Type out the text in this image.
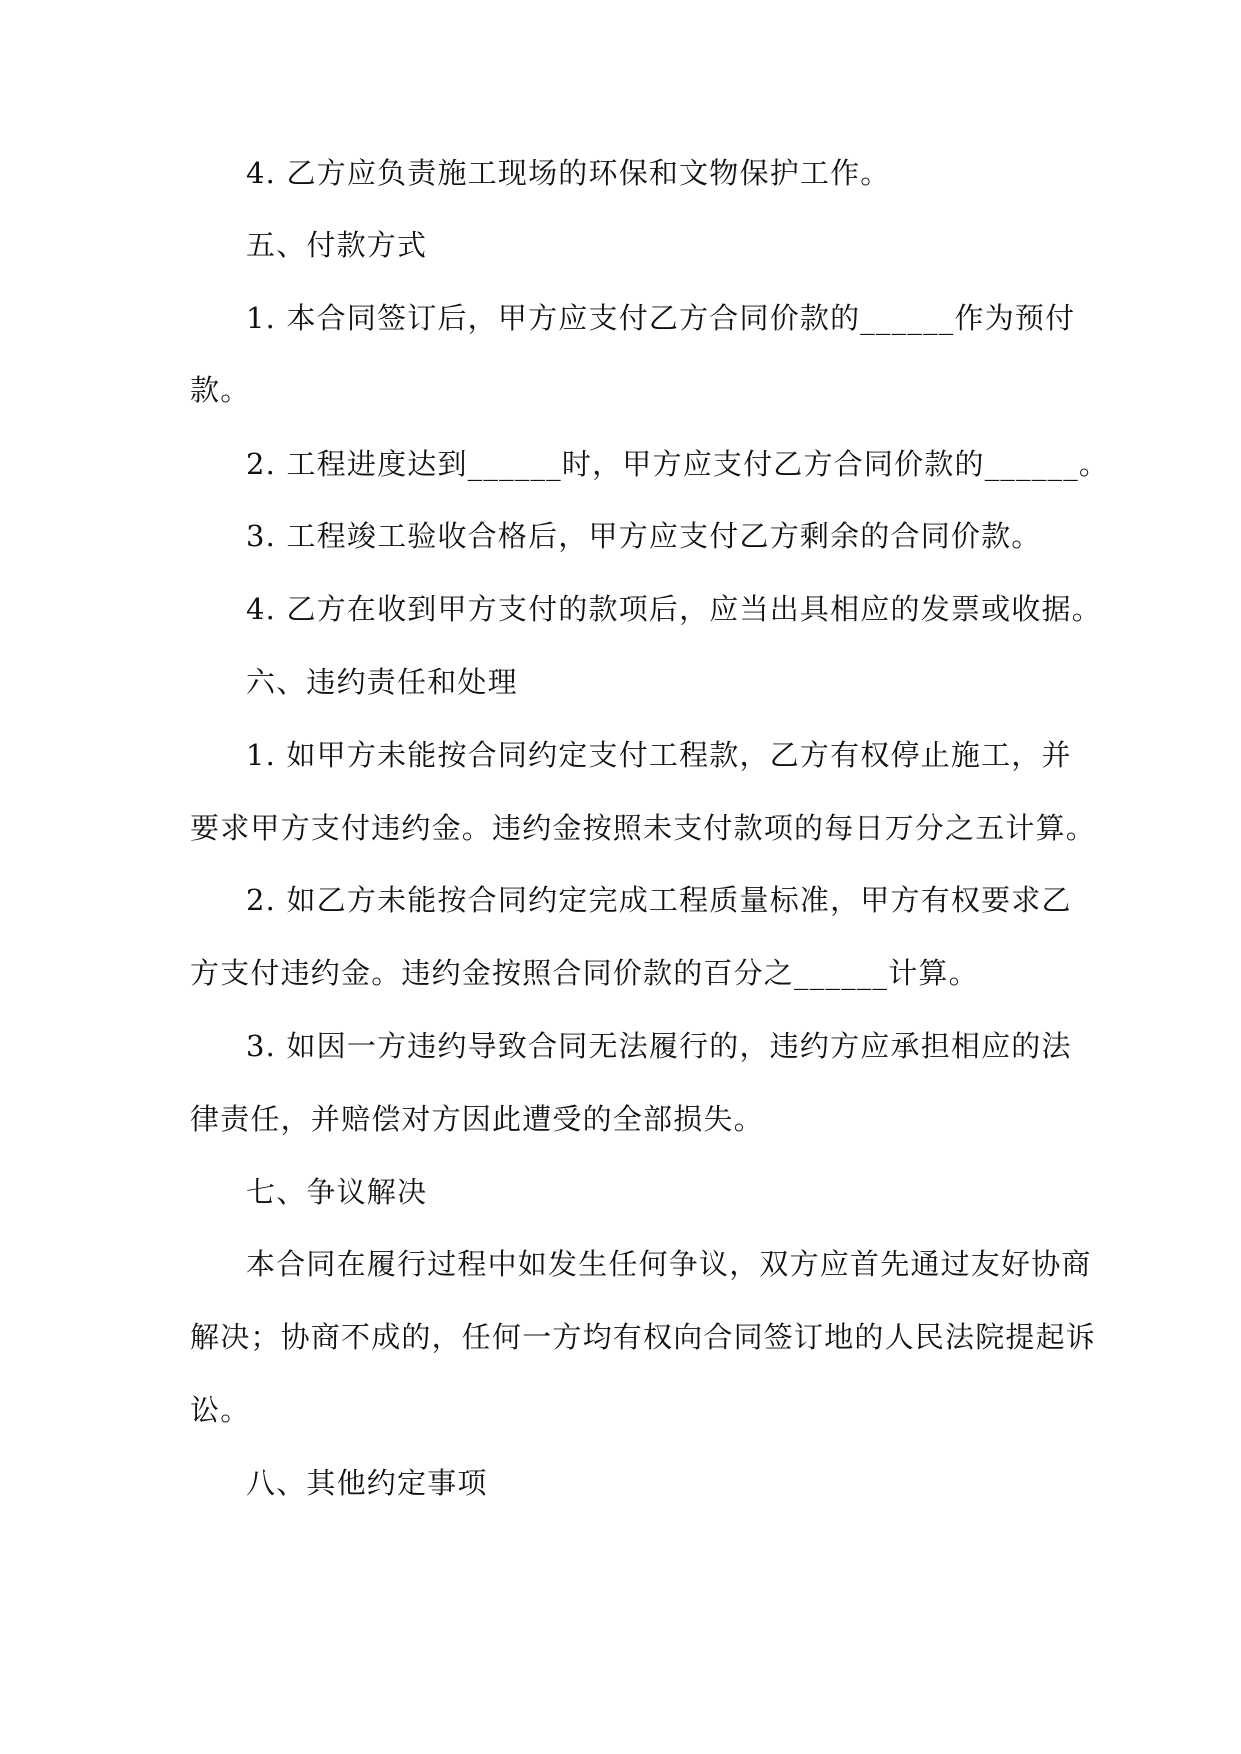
4. 乙方应负责施工现场的环保和文物保护工作。
五、付款方式
1. 本合同签订后，甲方应支付乙方合同价款的______作为预付
款。
2. 工程进度达到______时，甲方应支付乙方合同价款的______。
3. 工程竣工验收合格后，甲方应支付乙方剩余的合同价款。
4. 乙方在收到甲方支付的款项后，应当出具相应的发票或收据。
六、违约责任和处理
1. 如甲方未能按合同约定支付工程款，乙方有权停止施工，并
要求甲方支付违约金。违约金按照未支付款项的每日万分之五计算。
2. 如乙方未能按合同约定完成工程质量标准，甲方有权要求乙
方支付违约金。违约金按照合同价款的百分之______计算。
3. 如因一方违约导致合同无法履行的，违约方应承担相应的法
律责任，并赔偿对方因此遭受的全部损失。
七、争议解决
本合同在履行过程中如发生任何争议，双方应首先通过友好协商
解决；协商不成的，任何一方均有权向合同签订地的人民法院提起诉
讼。
八、其他约定事项
